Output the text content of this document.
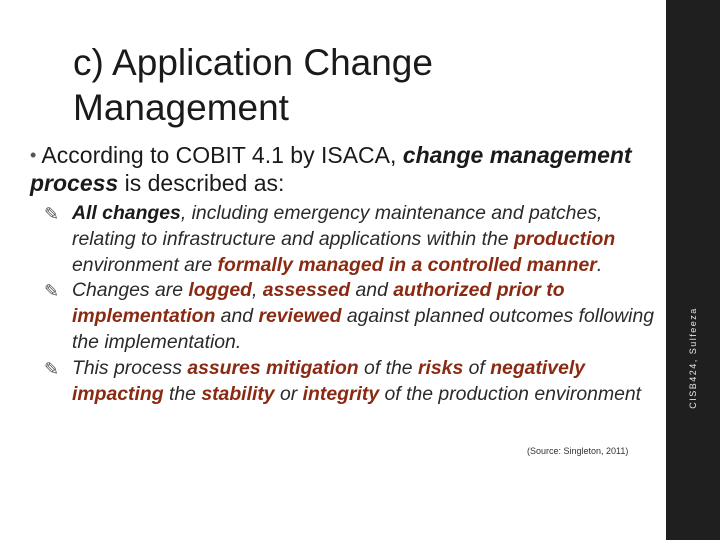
c) Application Change Management
• According to COBIT 4.1 by ISACA, change management process is described as:
✎ All changes, including emergency maintenance and patches, relating to infrastructure and applications within the production environment are formally managed in a controlled manner.
✎ Changes are logged, assessed and authorized prior to implementation and reviewed against planned outcomes following the implementation.
✎ This process assures mitigation of the risks of negatively impacting the stability or integrity of the production environment
(Source: Singleton, 2011)
CISB424, Sulfeeza
